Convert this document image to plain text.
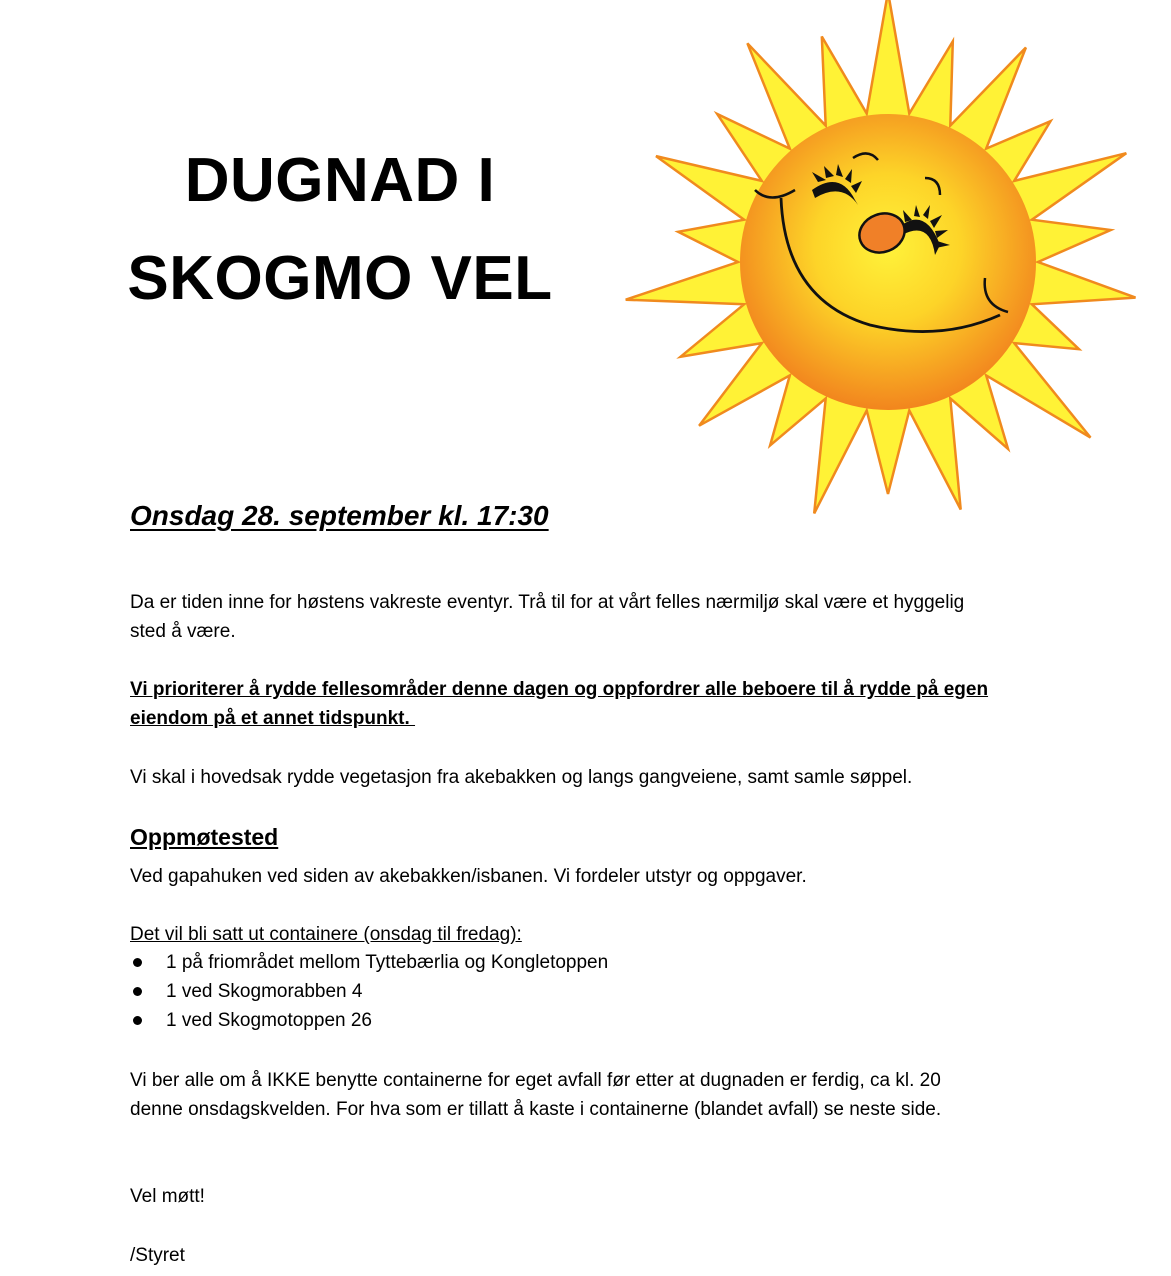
DUGNAD I
SKOGMO VEL
Onsdag 28. september kl. 17:30
Da er tiden inne for høstens vakreste eventyr. Trå til for at vårt felles nærmiljø skal være et hyggelig
sted å være.
Vi prioriterer å rydde fellesområder denne dagen og oppfordrer alle beboere til å rydde på egen
eiendom på et annet tidspunkt.
Vi skal i hovedsak rydde vegetasjon fra akebakken og langs gangveiene, samt samle søppel.
Oppmøtested
Ved gapahuken ved siden av akebakken/isbanen. Vi fordeler utstyr og oppgaver.
Det vil bli satt ut containere (onsdag til fredag):
1 på friområdet mellom Tyttebærlia og Kongletoppen
1 ved Skogmorabben 4
1 ved Skogmotoppen 26
Vi ber alle om å IKKE benytte containerne for eget avfall før etter at dugnaden er ferdig, ca kl. 20
denne onsdagskvelden. For hva som er tillatt å kaste i containerne (blandet avfall) se neste side.
Vel møtt!
/Styret
